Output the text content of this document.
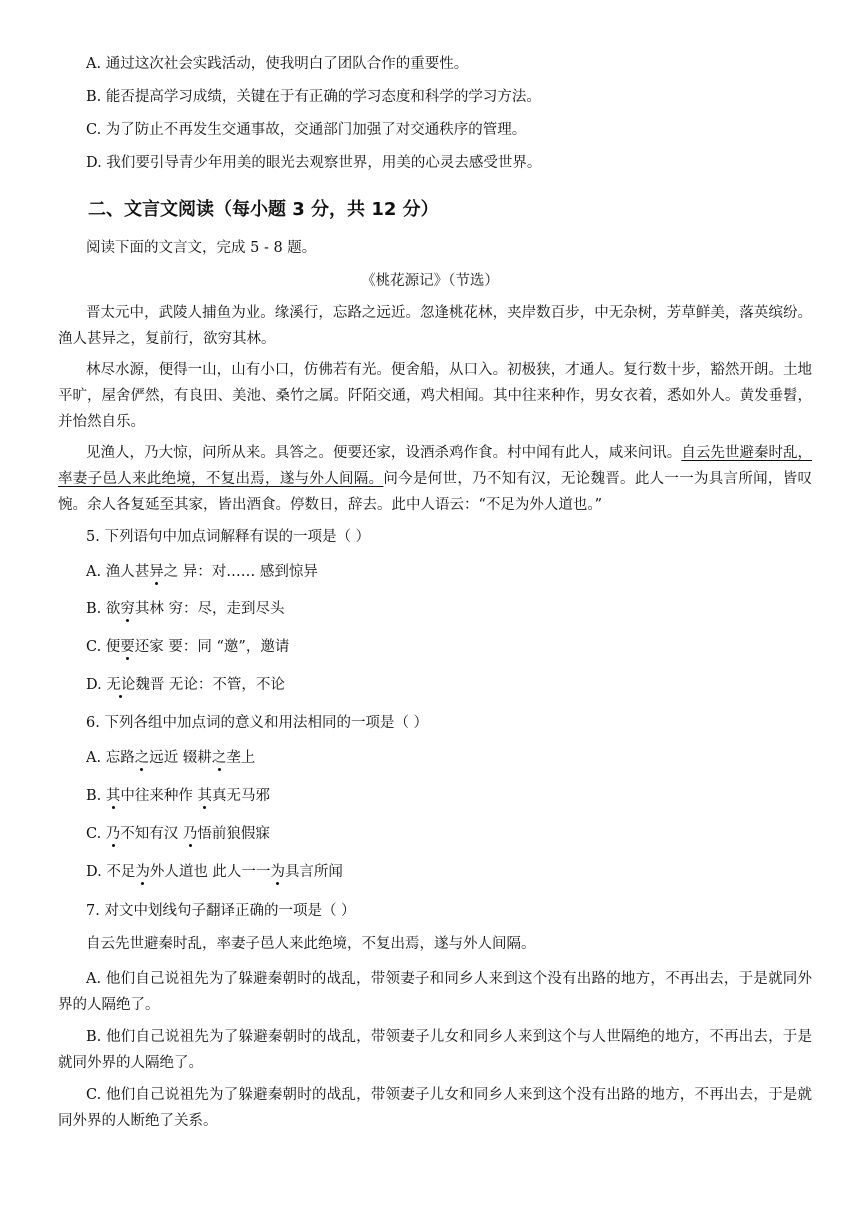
A. 通过这次社会实践活动，使我明白了团队合作的重要性。
B. 能否提高学习成绩，关键在于有正确的学习态度和科学的学习方法。
C. 为了防止不再发生交通事故，交通部门加强了对交通秩序的管理。
D. 我们要引导青少年用美的眼光去观察世界，用美的心灵去感受世界。
二、文言文阅读（每小题 3 分，共 12 分）
阅读下面的文言文，完成 5 - 8 题。
《桃花源记》（节选）
晋太元中，武陵人捕鱼为业。缘溪行，忘路之远近。忽逢桃花林，夹岸数百步，中无杂树，芳草鲜美，落英缤纷。渔人甚异之，复前行，欲穷其林。
林尽水源，便得一山，山有小口，仿佛若有光。便舍船，从口入。初极狭，才通人。复行数十步，豁然开朗。土地平旷，屋舍俨然，有良田、美池、桑竹之属。阡陌交通，鸡犬相闻。其中往来种作，男女衣着，悉如外人。黄发垂髫，并怡然自乐。
见渔人，乃大惊，问所从来。具答之。便要还家，设酒杀鸡作食。村中闻有此人，咸来问讯。自云先世避秦时乱，率妻子邑人来此绝境，不复出焉，遂与外人间隔。问今是何世，乃不知有汉，无论魏晋。此人一一为具言所闻，皆叹惋。余人各复延至其家，皆出酒食。停数日，辞去。此中人语云：“不足为外人道也。”
5. 下列语句中加点词解释有误的一项是（ ）
A. 渔人甚异之 异：对…… 感到惊异
B. 欲穷其林 穷：尽，走到尽头
C. 便要还家 要：同 “邀”，邀请
D. 无论魏晋 无论：不管，不论
6. 下列各组中加点词的意义和用法相同的一项是（ ）
A. 忘路之远近 辍耕之垄上
B. 其中往来种作 其真无马邪
C. 乃不知有汉 乃悟前狼假寐
D. 不足为外人道也 此人一一为具言所闻
7. 对文中划线句子翻译正确的一项是（ ）
自云先世避秦时乱，率妻子邑人来此绝境，不复出焉，遂与外人间隔。
A. 他们自己说祖先为了躲避秦朝时的战乱，带领妻子和同乡人来到这个没有出路的地方，不再出去，于是就同外界的人隔绝了。
B. 他们自己说祖先为了躲避秦朝时的战乱，带领妻子儿女和同乡人来到这个与人世隔绝的地方，不再出去，于是就同外界的人隔绝了。
C. 他们自己说祖先为了躲避秦朝时的战乱，带领妻子儿女和同乡人来到这个没有出路的地方，不再出去，于是就同外界的人断绝了关系。
